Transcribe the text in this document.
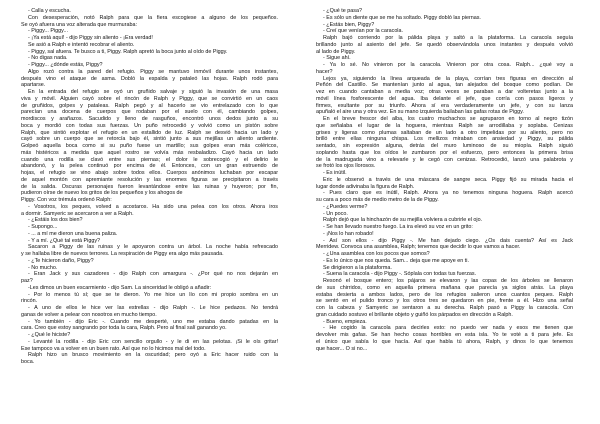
- Calla y escucha.
Con desesperación, notó Ralph para que la fiera escogiese a alguno de los pequeños.
Se oyó afuera una voz alterada que murmuraba:
- Piggy... Piggy...
- ¡Ya está aquí! - dijo Piggy sin aliento - ¡Era verdad!
Se asió a Ralph e intentó recobrar el aliento.
- Piggy, sal afuera. Te busco a ti, Piggy. Ralph apretó la boca junto al oído de Piggy.
- No digas nada.
- Piggy... ¿dónde estás, Piggy?
Algo rozó contra la pared del refugio. Piggy se mantuvo inmóvil durante unos instantes,
después vino el ataque de asma. Dobló la espalda y pataleó las hojas. Ralph rodó para
apartarse.
En la entrada del refugio se oyó un gruñido salvaje y siguió la invasión de una masa
viva y móvil. Alguien cayó sobre el rincón de Ralph y Piggy, que se convirtió en un caos
de gruñidos, golpes y pataleas. Ralph pegó y al hacerlo se vio entrelazado con lo que
parecían una docena de cuerpos que rodaban por el suelo con él, cambiando golpes,
mordiscos y arañazos. Sacudido y lleno de rasguños, encontró unos dedos junto a su
boca y mordió con todas sus fuerzas. Un puño retrocedió y volvió como un pistón sobre
Ralph, que sintió explotar el refugio en un estallido de luz. Ralph se desvió hacia un lado y
cayó sobre un cuerpo que se retorcía bajo él, sintió junto a sus mejillas un aliento ardiente.
Golpeó aquella boca como si su puño fuese un martillo; sus golpes eran más coléricos,
más histéricos a medida que aquel rostro se volvía más resbaladizo. Cayó hacia un lado
cuando una rodilla se clavó entre sus piernas; el dolor le sobrecogió y el delirio le
abandonó, y la pelea continuó por encima de él. Entonces, con un gran estruendo de
hojas, el refugio se vino abajo sobre todos ellos. Cuerpos anónimos luchaban por escapar
de aquel montón con apremiante resolución y las enormes figuras se precipitaron a través
de la salida. Oscuras personajes fueron levantándose entre las ruinas y huyeron; por fin,
pudieron oírse de nuevo los gritos de los pequeños y los ahogos de
Piggy. Con voz trémula ordenó Ralph:
- Vosotros, los peques, volved a acostaros. Ha sido una pelea con los otros. Ahora iros
a dormir. Samyeric se acercaron a ver a Ralph.
- ¿Estáis los dos bien?
- Supongo...
- ... a mí me dieron una buena paliza.
- Y a mí. ¿Qué tal está Piggy?
Sacaron a Piggy de las ruinas y le apoyaron contra un árbol. La noche había refrescado
y se hallaba libre de nuevos terrores. La respiración de Piggy era algo más pausada.
- ¿Te hicieron daño, Piggy?
- No mucho.
- Eran Jack y sus cazadores - dijo Ralph con amargura -. ¿Por qué no nos dejarán en
paz?
-Les dimos un buen escarmiento - dijo Sam. La sinceridad le obligó a añadir:
- Por lo menos tú sí; que se te dieron. Yo me hice un lío con mi propio sombra en un
rincón.
- A uno de ellos le hice ver las estrellas - dijo Ralph -. Le hice pedazos. No tendrá
ganas de volver a pelear con nosotros en mucho tiempo.
- Yo también - dijo Eric -. Cuando me desperté, uno me estaba dando patadas en la
cara. Creo que estoy sangrando por toda la cara, Ralph. Pero al final salí ganando yo.
- ¿Qué le hiciste?
- Levanté la rodilla - dijo Eric con sencillo orgullo - y le di en las pelotas. ¡Si le oís gritar!
Ése tampoco va a volver en un buen rato. Así que no lo hicimos mal del todo.
Ralph hizo un brusco movimiento en la oscuridad; pero oyó a Eric hacer ruido con la
boca.
- ¿Qué te pasa?
- Es sólo un diente que se me ha soltado. Piggy dobló las piernas.
- ¿Estás bien, Piggy?
- Creí que venían por la caracola.
Ralph bajó corriendo por la pálida playa y saltó a la plataforma. La caracola seguía
brillando junto al asiento del jefe. Se quedó observándola unos instantes y después volvió
al lado de Piggy.
- Sigue ahí.
- Ya lo sé. No vinieron por la caracola. Vinieron por otra cosa. Ralph... ¿qué voy a
hacer?
Lejos ya, siguiendo la línea arqueada de la playa, corrían tres figuras en dirección al
Peñón del Castillo. Se mantenían junto al agua, tan alejados del bosque como podían. De
vez en cuando cantaban a media voz; otras veces se paraban a dar volteretas junto a la
móvil línea fosforescente del agua. Iba delante el jefe, que corría con pasos ligeros y
firmes, exultante por su triunfo. Ahora sí era verdaderamente un jefe, y con su lanza
apuñaló el aire una y otra vez. En su mano izquierda bailaban las gafas rotas de Piggy.
En el breve frescor del alba, los cuatro muchachos se agruparon en torno al negro tizón
que señalaba el lugar de la hoguera, mientras Ralph se arrodillaba y soplaba. Cenizas
grises y ligeras como plumas saltaban de un lado a otro impelidas por su aliento, pero no
brilló entre ellas ninguna chispa. Los mellizos miraban con ansiedad y Piggy, su pálida
sentado, sin expresión alguna, detrás del muro luminoso de su miopía. Ralph siguió
soplando hasta que los oídos le zumbaron por el esfuerzo, pero entonces la primera brisa
de la madrugada vino a relevarle y le cegó con cenizas. Retrocedió, lanzó una palabrota y
se frotó los ojos llorosos.
- Es inútil.
Eric le observó a través de una máscara de sangre seca. Piggy fijó su mirada hacia el
lugar donde adivinaba la figura de Ralph.
- Pues claro que es inútil, Ralph. Ahora ya no tenemos ninguna hoguera. Ralph acercó
su cara a poco más de medio metro de la de Piggy.
- ¿Puedes verme?
- Un poco.
Ralph dejó que la hinchazón de su mejilla volviera a cubrirle el ojo.
- Se han llevado nuestro fuego. La ira elevó su voz en un grito:
- ¡Nos lo han robado!
- Así son ellos - dijo Piggy -. Me han dejado ciego. ¿Os dais cuenta? Así es Jack
Merridew. Convoca una asamblea, Ralph; tenemos que decidir lo que vamos a hacer.
- ¿Una asamblea con los pocos que somos?
- Es lo único que nos queda. Sam... deja que me apoye en ti.
Se dirigieron a la plataforma.
- Suena la caracola - dijo Piggy -. Sóplala con todas tus fuerzas.
Resonó el bosque entero; los pájaros se elevaron y las copas de los árboles se llenaron
de sus chirridos, como en aquella primera mañana que parecía ya siglos atrás. La playa
estaba desierta a ambos lados, pero de los refugios salieron unos cuantos peques. Ralph
se sentó en el pulido tronco y los otros tres se quedaron en pie, frente a él. Hizo una señal
con la cabeza y Samyeric se sentaron a su derecha. Ralph pasó a Piggy la caracola. Con
gran cuidado sostuvo el brillante objeto y guiñó los párpados en dirección a Ralph.
- Bueno, empieza.
- He cogido la caracola para decirles esto: no puedo ver nada y esos me tienen que
devolver mis gafas. Se han hecho cosas horribles en esta isla. Yo te voté a ti para jefe. Es
el único que sabía lo que hacía. Así que habla tú ahora, Ralph, y dinos lo que tenemos
que hacer... O si no...
